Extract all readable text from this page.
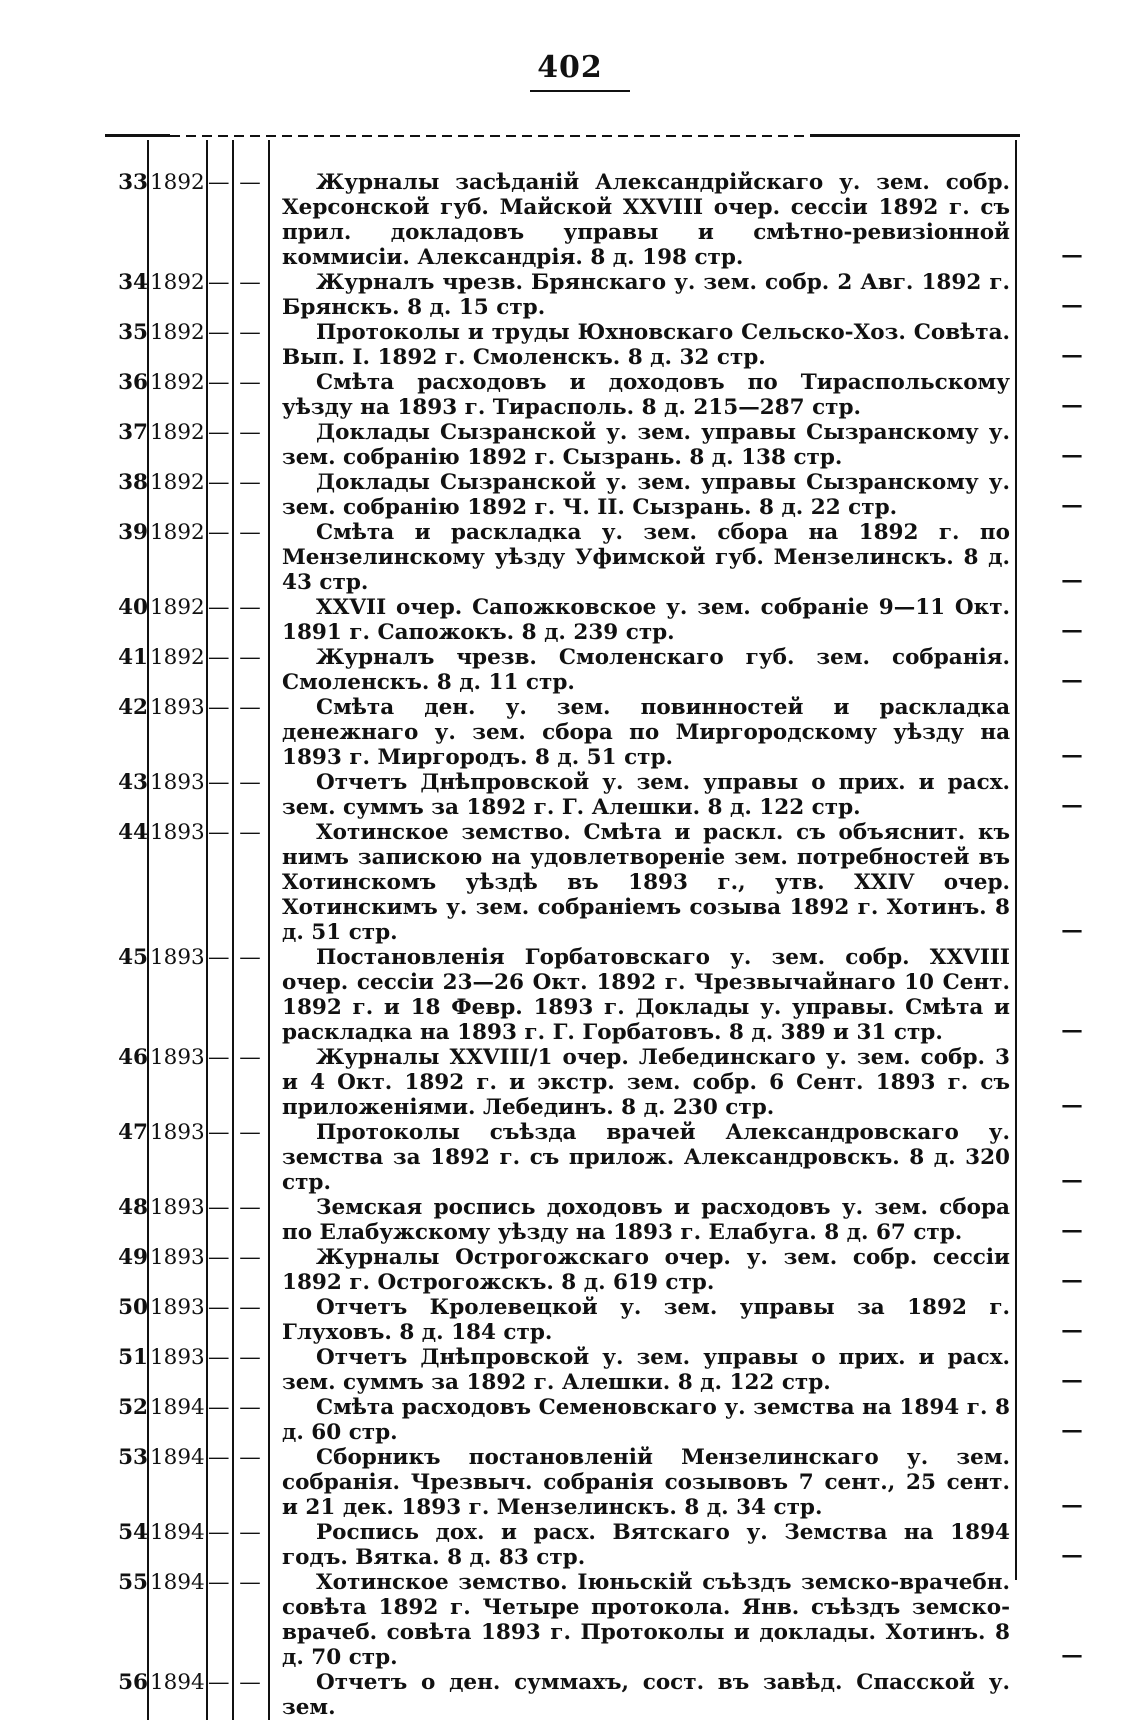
402
33 1892 — —	Журналы засѣданій Александрійскаго у. зем. собр. Херсонской губ. Майской XXVIII очер. сессіи 1892 г. съ прил. докладовъ управы и смѣтно-ревизіонной коммисіи. Александрія. 8 д. 198 стр.	—
34 1892 — —	Журналъ чрезв. Брянскаго у. зем. собр. 2 Авг. 1892 г. Брянскъ. 8 д. 15 стр.	—
35 1892 — —	Протоколы и труды Юхновскаго Сельско-Хоз. Совѣта. Вып. I. 1892 г. Смоленскъ. 8 д. 32 стр.	—
36 1892 — —	Смѣта расходовъ и доходовъ по Тираспольскому уѣзду на 1893 г. Тирасполь. 8 д. 215—287 стр.	—
37 1892 — —	Доклады Сызранской у. зем. управы Сызранскому у. зем. собранію 1892 г. Сызрань. 8 д. 138 стр.	—
38 1892 — —	Доклады Сызранской у. зем. управы Сызранскому у. зем. собранію 1892 г. Ч. II. Сызрань. 8 д. 22 стр.	—
39 1892 — —	Смѣта и раскладка у. зем. сбора на 1892 г. по Мензелинскому уѣзду Уфимской губ. Мензелинскъ. 8 д. 43 стр.	—
40 1892 — —	XXVII очер. Сапожковское у. зем. собраніе 9—11 Окт. 1891 г. Сапожокъ. 8 д. 239 стр.	—
41 1892 — —	Журналъ чрезв. Смоленскаго губ. зем. собранія. Смоленскъ. 8 д. 11 стр.	—
42 1893 — —	Смѣта ден. у. зем. повинностей и раскладка денежнаго у. зем. сбора по Миргородскому уѣзду на 1893 г. Миргородъ. 8 д. 51 стр.	—
43 1893 — —	Отчетъ Днѣпровской у. зем. управы о прих. и расх. зем. суммъ за 1892 г. Г. Алешки. 8 д. 122 стр.	—
44 1893 — —	Хотинское земство. Смѣта и раскл. съ объяснит. къ нимъ запискою на удовлетвореніе зем. потребностей въ Хотинскомъ уѣздѣ въ 1893 г., утв. XXIV очер. Хотинскимъ у. зем. собраніемъ созыва 1892 г. Хотинъ. 8 д. 51 стр.	—
45 1893 — —	Постановленія Горбатовскаго у. зем. собр. XXVIII очер. сессіи 23—26 Окт. 1892 г. Чрезвычайнаго 10 Сент. 1892 г. и 18 Февр. 1893 г. Доклады у. управы. Смѣта и раскладка на 1893 г. Г. Горбатовъ. 8 д. 389 и 31 стр.	—
46 1893 — —	Журналы XXVIII/1 очер. Лебединскаго у. зем. собр. 3 и 4 Окт. 1892 г. и экстр. зем. собр. 6 Сент. 1893 г. съ приложеніями. Лебединъ. 8 д. 230 стр.	—
47 1893 — —	Протоколы съѣзда врачей Александровскаго у. земства за 1892 г. съ прилож. Александровскъ. 8 д. 320 стр.	—
48 1893 — —	Земская роспись доходовъ и расходовъ у. зем. сбора по Елабужскому уѣзду на 1893 г. Елабуга. 8 д. 67 стр.	—
49 1893 — —	Журналы Острогожскаго очер. у. зем. собр. сессіи 1892 г. Острогожскъ. 8 д. 619 стр.	—
50 1893 — —	Отчетъ Кролевецкой у. зем. управы за 1892 г. Глуховъ. 8 д. 184 стр.	—
51 1893 — —	Отчетъ Днѣпровской у. зем. управы о прих. и расх. зем. суммъ за 1892 г. Алешки. 8 д. 122 стр.	—
52 1894 — —	Смѣта расходовъ Семеновскаго у. земства на 1894 г. 8 д. 60 стр.	—
53 1894 — —	Сборникъ постановленій Мензелинскаго у. зем. собранія. Чрезвыч. собранія созывовъ 7 сент., 25 сент. и 21 дек. 1893 г. Мензелинскъ. 8 д. 34 стр.	—
54 1894 — —	Роспись дох. и расх. Вятскаго у. Земства на 1894 годъ. Вятка. 8 д. 83 стр.	—
55 1894 — —	Хотинское земство. Іюньскій съѣздъ земско-врачебн. совѣта 1892 г. Четыре протокола. Янв. съѣздъ земско-врачеб. совѣта 1893 г. Протоколы и доклады. Хотинъ. 8 д. 70 стр.	—
56 1894 — —	Отчетъ о ден. суммахъ, сост. въ завѣд. Спасской у. зем.
